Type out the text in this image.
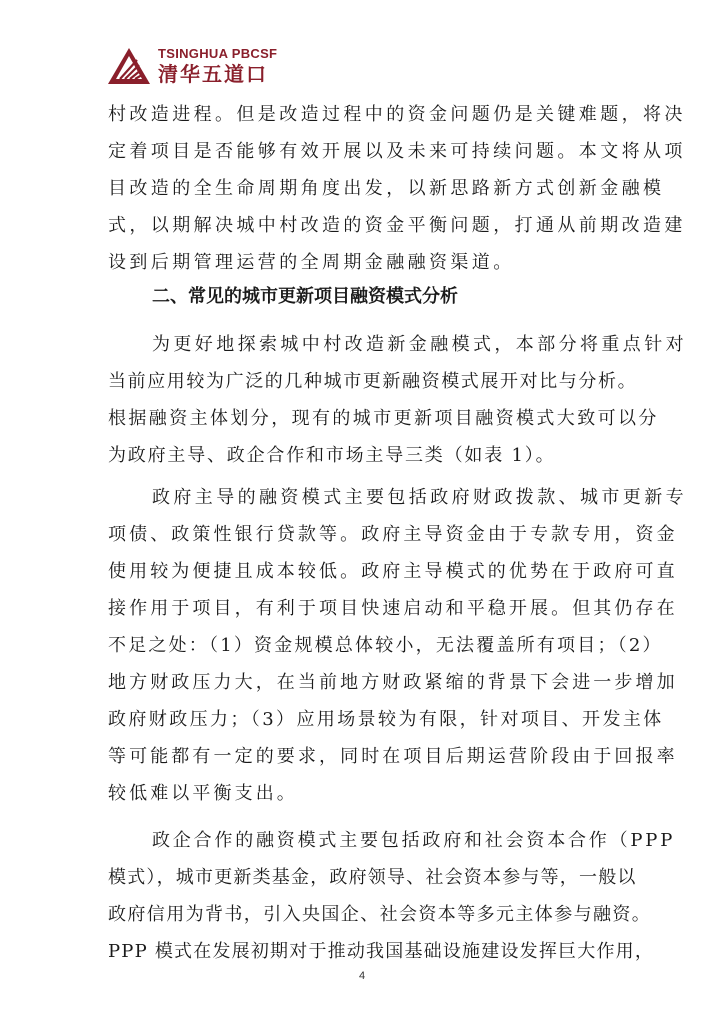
TSINGHUA PBCSF
清华五道口
村改造进程。但是改造过程中的资金问题仍是关键难题，将决
定着项目是否能够有效开展以及未来可持续问题。本文将从项
目改造的全生命周期角度出发，以新思路新方式创新金融模
式，以期解决城中村改造的资金平衡问题，打通从前期改造建
设到后期管理运营的全周期金融融资渠道。
二、常见的城市更新项目融资模式分析
为更好地探索城中村改造新金融模式，本部分将重点针对
当前应用较为广泛的几种城市更新融资模式展开对比与分析。
根据融资主体划分，现有的城市更新项目融资模式大致可以分
为政府主导、政企合作和市场主导三类（如表 1）。
政府主导的融资模式主要包括政府财政拨款、城市更新专
项债、政策性银行贷款等。政府主导资金由于专款专用，资金
使用较为便捷且成本较低。政府主导模式的优势在于政府可直
接作用于项目，有利于项目快速启动和平稳开展。但其仍存在
不足之处：（1）资金规模总体较小，无法覆盖所有项目；（2）
地方财政压力大，在当前地方财政紧缩的背景下会进一步增加
政府财政压力；（3）应用场景较为有限，针对项目、开发主体
等可能都有一定的要求，同时在项目后期运营阶段由于回报率
较低难以平衡支出。
政企合作的融资模式主要包括政府和社会资本合作（PPP
模式），城市更新类基金，政府领导、社会资本参与等，一般以
政府信用为背书，引入央国企、社会资本等多元主体参与融资。
PPP 模式在发展初期对于推动我国基础设施建设发挥巨大作用，
4
